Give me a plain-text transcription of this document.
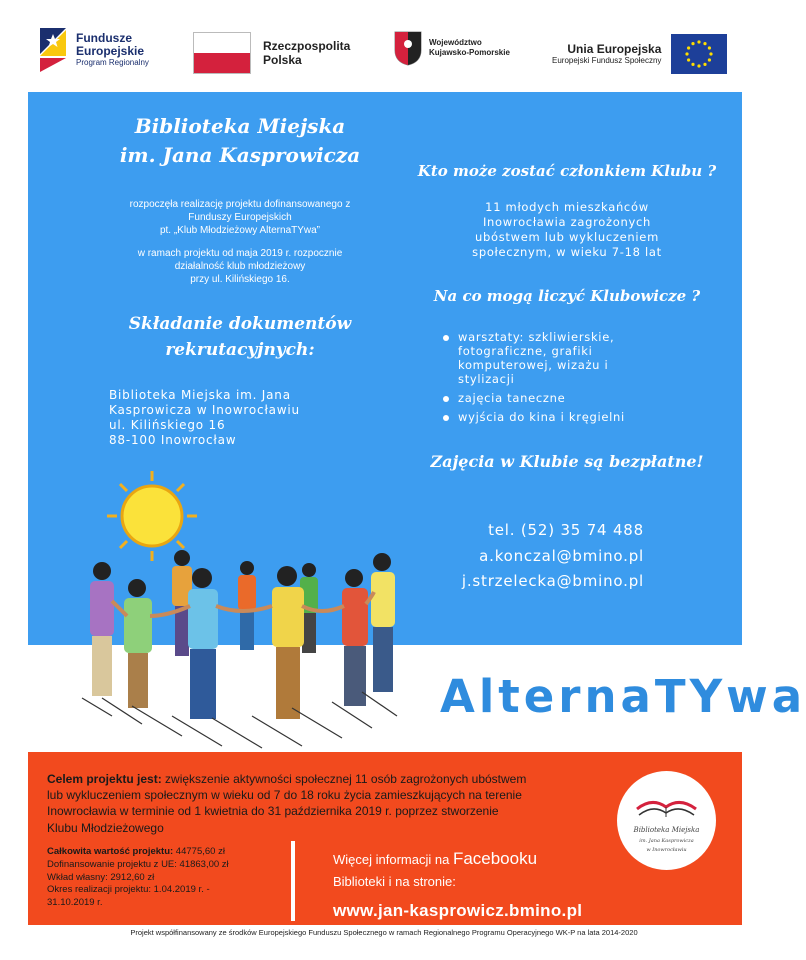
Fundusze
Europejskie
Program Regionalny
Rzeczpospolita
Polska
Województwo
Kujawsko-Pomorskie	Unia Europejska
Europejski Fundusz Społeczny
Biblioteka Miejska
im. Jana Kasprowicza
rozpoczęła realizację projektu dofinansowanego z
Funduszy Europejskich
pt. „Klub Młodzieżowy AlternaTYwa”
w ramach projektu od maja 2019 r. rozpocznie
działalność klub młodzieżowy
przy ul. Kilińskiego 16.
Składanie dokumentów
rekrutacyjnych:
Biblioteka Miejska im. Jana
Kasprowicza w Inowrocławiu
ul. Kilińskiego 16
88-100 Inowrocław
Kto może zostać członkiem Klubu ?
11 młodych mieszkańców
Inowrocławia zagrożonych
ubóstwem lub wykluczeniem
społecznym, w wieku 7-18 lat
Na co mogą liczyć Klubowicze ?
warsztaty: szkliwierskie,
fotograficzne, grafiki
komputerowej, wizażu i
stylizacji
zajęcia taneczne
wyjścia do kina i kręgielni
Zajęcia w Klubie są bezpłatne!
tel. (52) 35 74 488
a.konczal@bmino.pl
j.strzelecka@bmino.pl
AlternaTYwa
Celem projektu jest: zwiększenie aktywności społecznej 11 osób zagrożonych ubóstwem
lub wykluczeniem społecznym w wieku od 7 do 18 roku życia zamieszkujących na terenie
Inowrocławia w terminie od 1 kwietnia do 31 października 2019 r. poprzez stworzenie
Klubu Młodzieżowego
Całkowita wartość projektu: 44775,60 zł
Dofinansowanie projektu z UE: 41863,00 zł
Wkład własny: 2912,60 zł
Okres realizacji projektu: 1.04.2019 r. -
31.10.2019 r.
Więcej informacji na Facebooku
Biblioteki i na stronie:
www.jan-kasprowicz.bmino.pl
Biblioteka Miejska
im. Jana Kasprowicza
w Inowrocławiu
Projekt współfinansowany ze środków Europejskiego Funduszu Społecznego w ramach Regionalnego Programu Operacyjnego WK-P na lata 2014-2020
